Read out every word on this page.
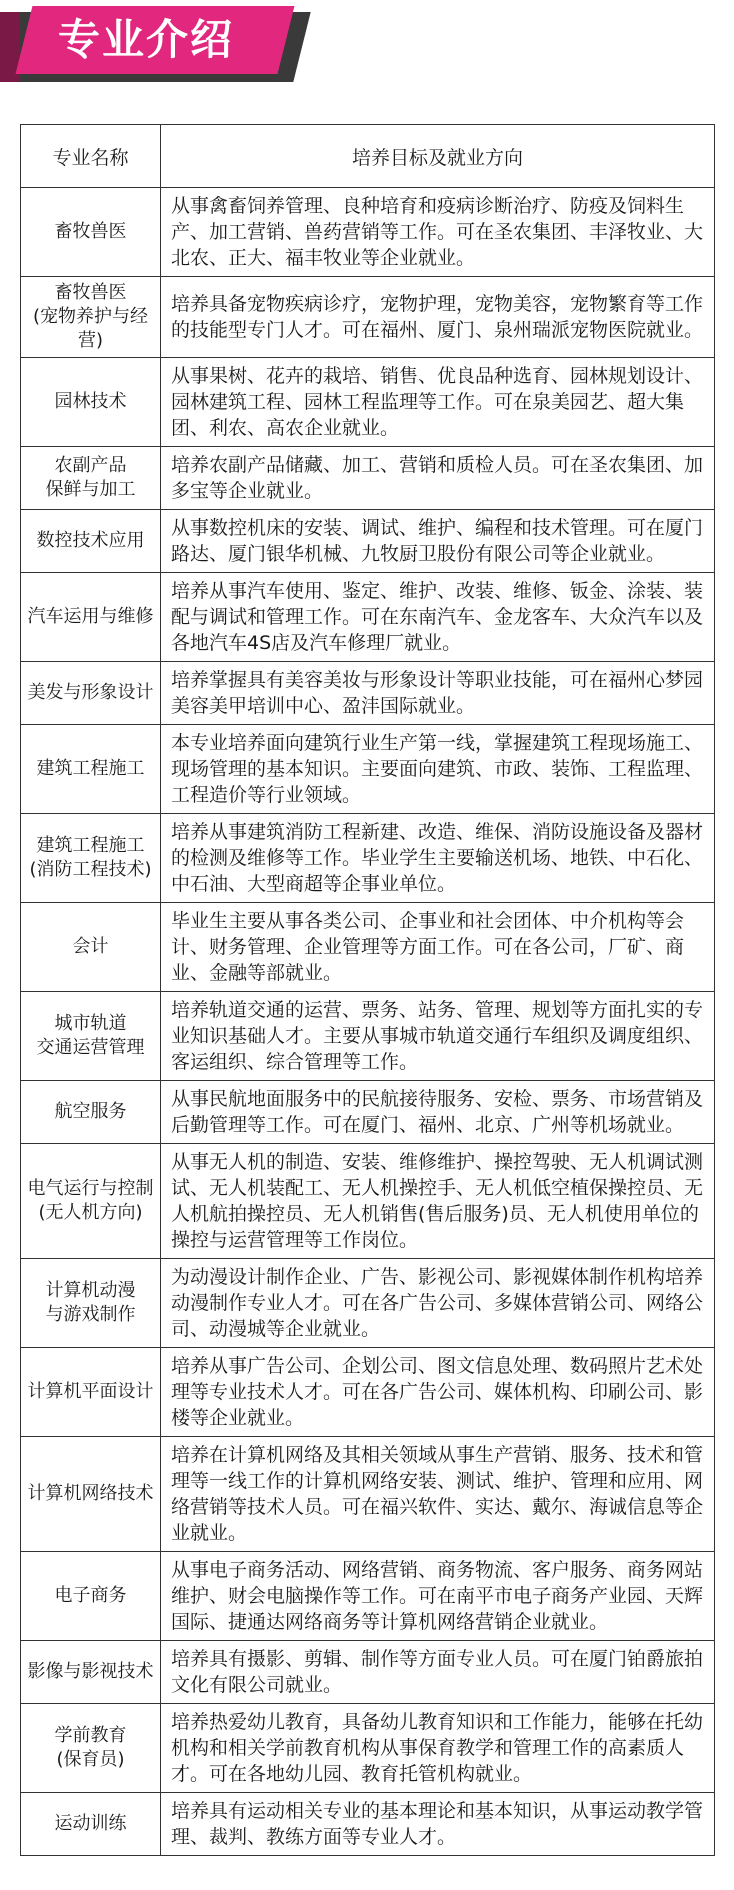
专业介绍
专业名称	培养目标及就业方向
畜牧兽医	从事禽畜饲养管理、良种培育和疫病诊断治疗、防疫及饲料生产、加工营销、兽药营销等工作。可在圣农集团、丰泽牧业、大北农、正大、福丰牧业等企业就业。
畜牧兽医
(宠物养护与经营)	培养具备宠物疾病诊疗，宠物护理，宠物美容，宠物繁育等工作的技能型专门人才。可在福州、厦门、泉州瑞派宠物医院就业。
园林技术	从事果树、花卉的栽培、销售、优良品种选育、园林规划设计、园林建筑工程、园林工程监理等工作。可在泉美园艺、超大集团、利农、高农企业就业。
农副产品
保鲜与加工	培养农副产品储藏、加工、营销和质检人员。可在圣农集团、加多宝等企业就业。
数控技术应用	从事数控机床的安装、调试、维护、编程和技术管理。可在厦门路达、厦门银华机械、九牧厨卫股份有限公司等企业就业。
汽车运用与维修	培养从事汽车使用、鉴定、维护、改装、维修、钣金、涂装、装配与调试和管理工作。可在东南汽车、金龙客车、大众汽车以及各地汽车4S店及汽车修理厂就业。
美发与形象设计	培养掌握具有美容美妆与形象设计等职业技能，可在福州心梦园美容美甲培训中心、盈沣国际就业。
建筑工程施工	本专业培养面向建筑行业生产第一线，掌握建筑工程现场施工、现场管理的基本知识。主要面向建筑、市政、装饰、工程监理、工程造价等行业领域。
建筑工程施工
(消防工程技术)	培养从事建筑消防工程新建、改造、维保、消防设施设备及器材的检测及维修等工作。毕业学生主要输送机场、地铁、中石化、中石油、大型商超等企事业单位。
会计	毕业生主要从事各类公司、企事业和社会团体、中介机构等会计、财务管理、企业管理等方面工作。可在各公司，厂矿、商业、金融等部就业。
城市轨道
交通运营管理	培养轨道交通的运营、票务、站务、管理、规划等方面扎实的专业知识基础人才。主要从事城市轨道交通行车组织及调度组织、客运组织、综合管理等工作。
航空服务	从事民航地面服务中的民航接待服务、安检、票务、市场营销及后勤管理等工作。可在厦门、福州、北京、广州等机场就业。
电气运行与控制
(无人机方向)	从事无人机的制造、安装、维修维护、操控驾驶、无人机调试测试、无人机装配工、无人机操控手、无人机低空植保操控员、无人机航拍操控员、无人机销售(售后服务)员、无人机使用单位的操控与运营管理等工作岗位。
计算机动漫
与游戏制作	为动漫设计制作企业、广告、影视公司、影视媒体制作机构培养动漫制作专业人才。可在各广告公司、多媒体营销公司、网络公司、动漫城等企业就业。
计算机平面设计	培养从事广告公司、企划公司、图文信息处理、数码照片艺术处理等专业技术人才。可在各广告公司、媒体机构、印刷公司、影楼等企业就业。
计算机网络技术	培养在计算机网络及其相关领域从事生产营销、服务、技术和管理等一线工作的计算机网络安装、测试、维护、管理和应用、网络营销等技术人员。可在福兴软件、实达、戴尔、海诚信息等企业就业。
电子商务	从事电子商务活动、网络营销、商务物流、客户服务、商务网站维护、财会电脑操作等工作。可在南平市电子商务产业园、天辉国际、捷通达网络商务等计算机网络营销企业就业。
影像与影视技术	培养具有摄影、剪辑、制作等方面专业人员。可在厦门铂爵旅拍文化有限公司就业。
学前教育
(保育员)	培养热爱幼儿教育，具备幼儿教育知识和工作能力，能够在托幼机构和相关学前教育机构从事保育教学和管理工作的高素质人才。可在各地幼儿园、教育托管机构就业。
运动训练	培养具有运动相关专业的基本理论和基本知识，从事运动教学管理、裁判、教练方面等专业人才。
